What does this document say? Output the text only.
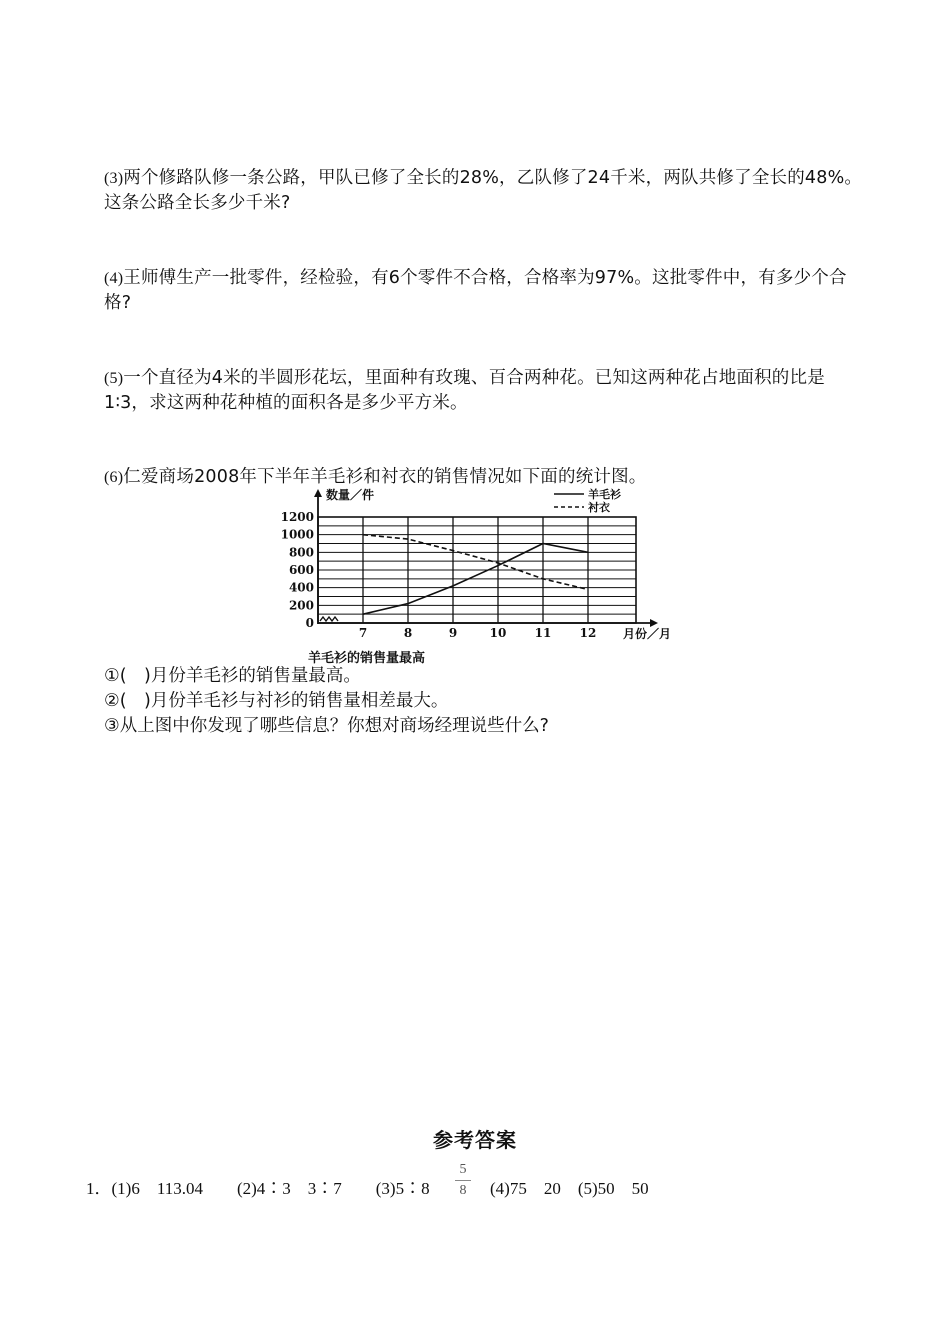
(3)两个修路队修一条公路，甲队已修了全长的28%，乙队修了24千米，两队共修了全长的48%。这条公路全长多少千米?
(4)王师傅生产一批零件，经检验，有6个零件不合格，合格率为97%。这批零件中，有多少个合格?
(5)一个直径为4米的半圆形花坛，里面种有玫瑰、百合两种花。已知这两种花占地面积的比是1∶3，求这两种花种植的面积各是多少平方米。
(6)仁爱商场2008年下半年羊毛衫和衬衣的销售情况如下面的统计图。
0
200
400
600
800
1000
1200
7	8	9	10 11 12
羊毛衫
衬衣
数量／件
月份／月
羊毛衫的销售量最高
①(　)月份羊毛衫的销售量最高。
②(　)月份羊毛衫与衬衫的销售量相差最大。
③从上图中你发现了哪些信息？你想对商场经理说些什么?
参考答案
1．(1)6　113.04　　(2)4∶3　3∶7　　(3)5∶8
5
8 (4)75　20　(5)50　50
